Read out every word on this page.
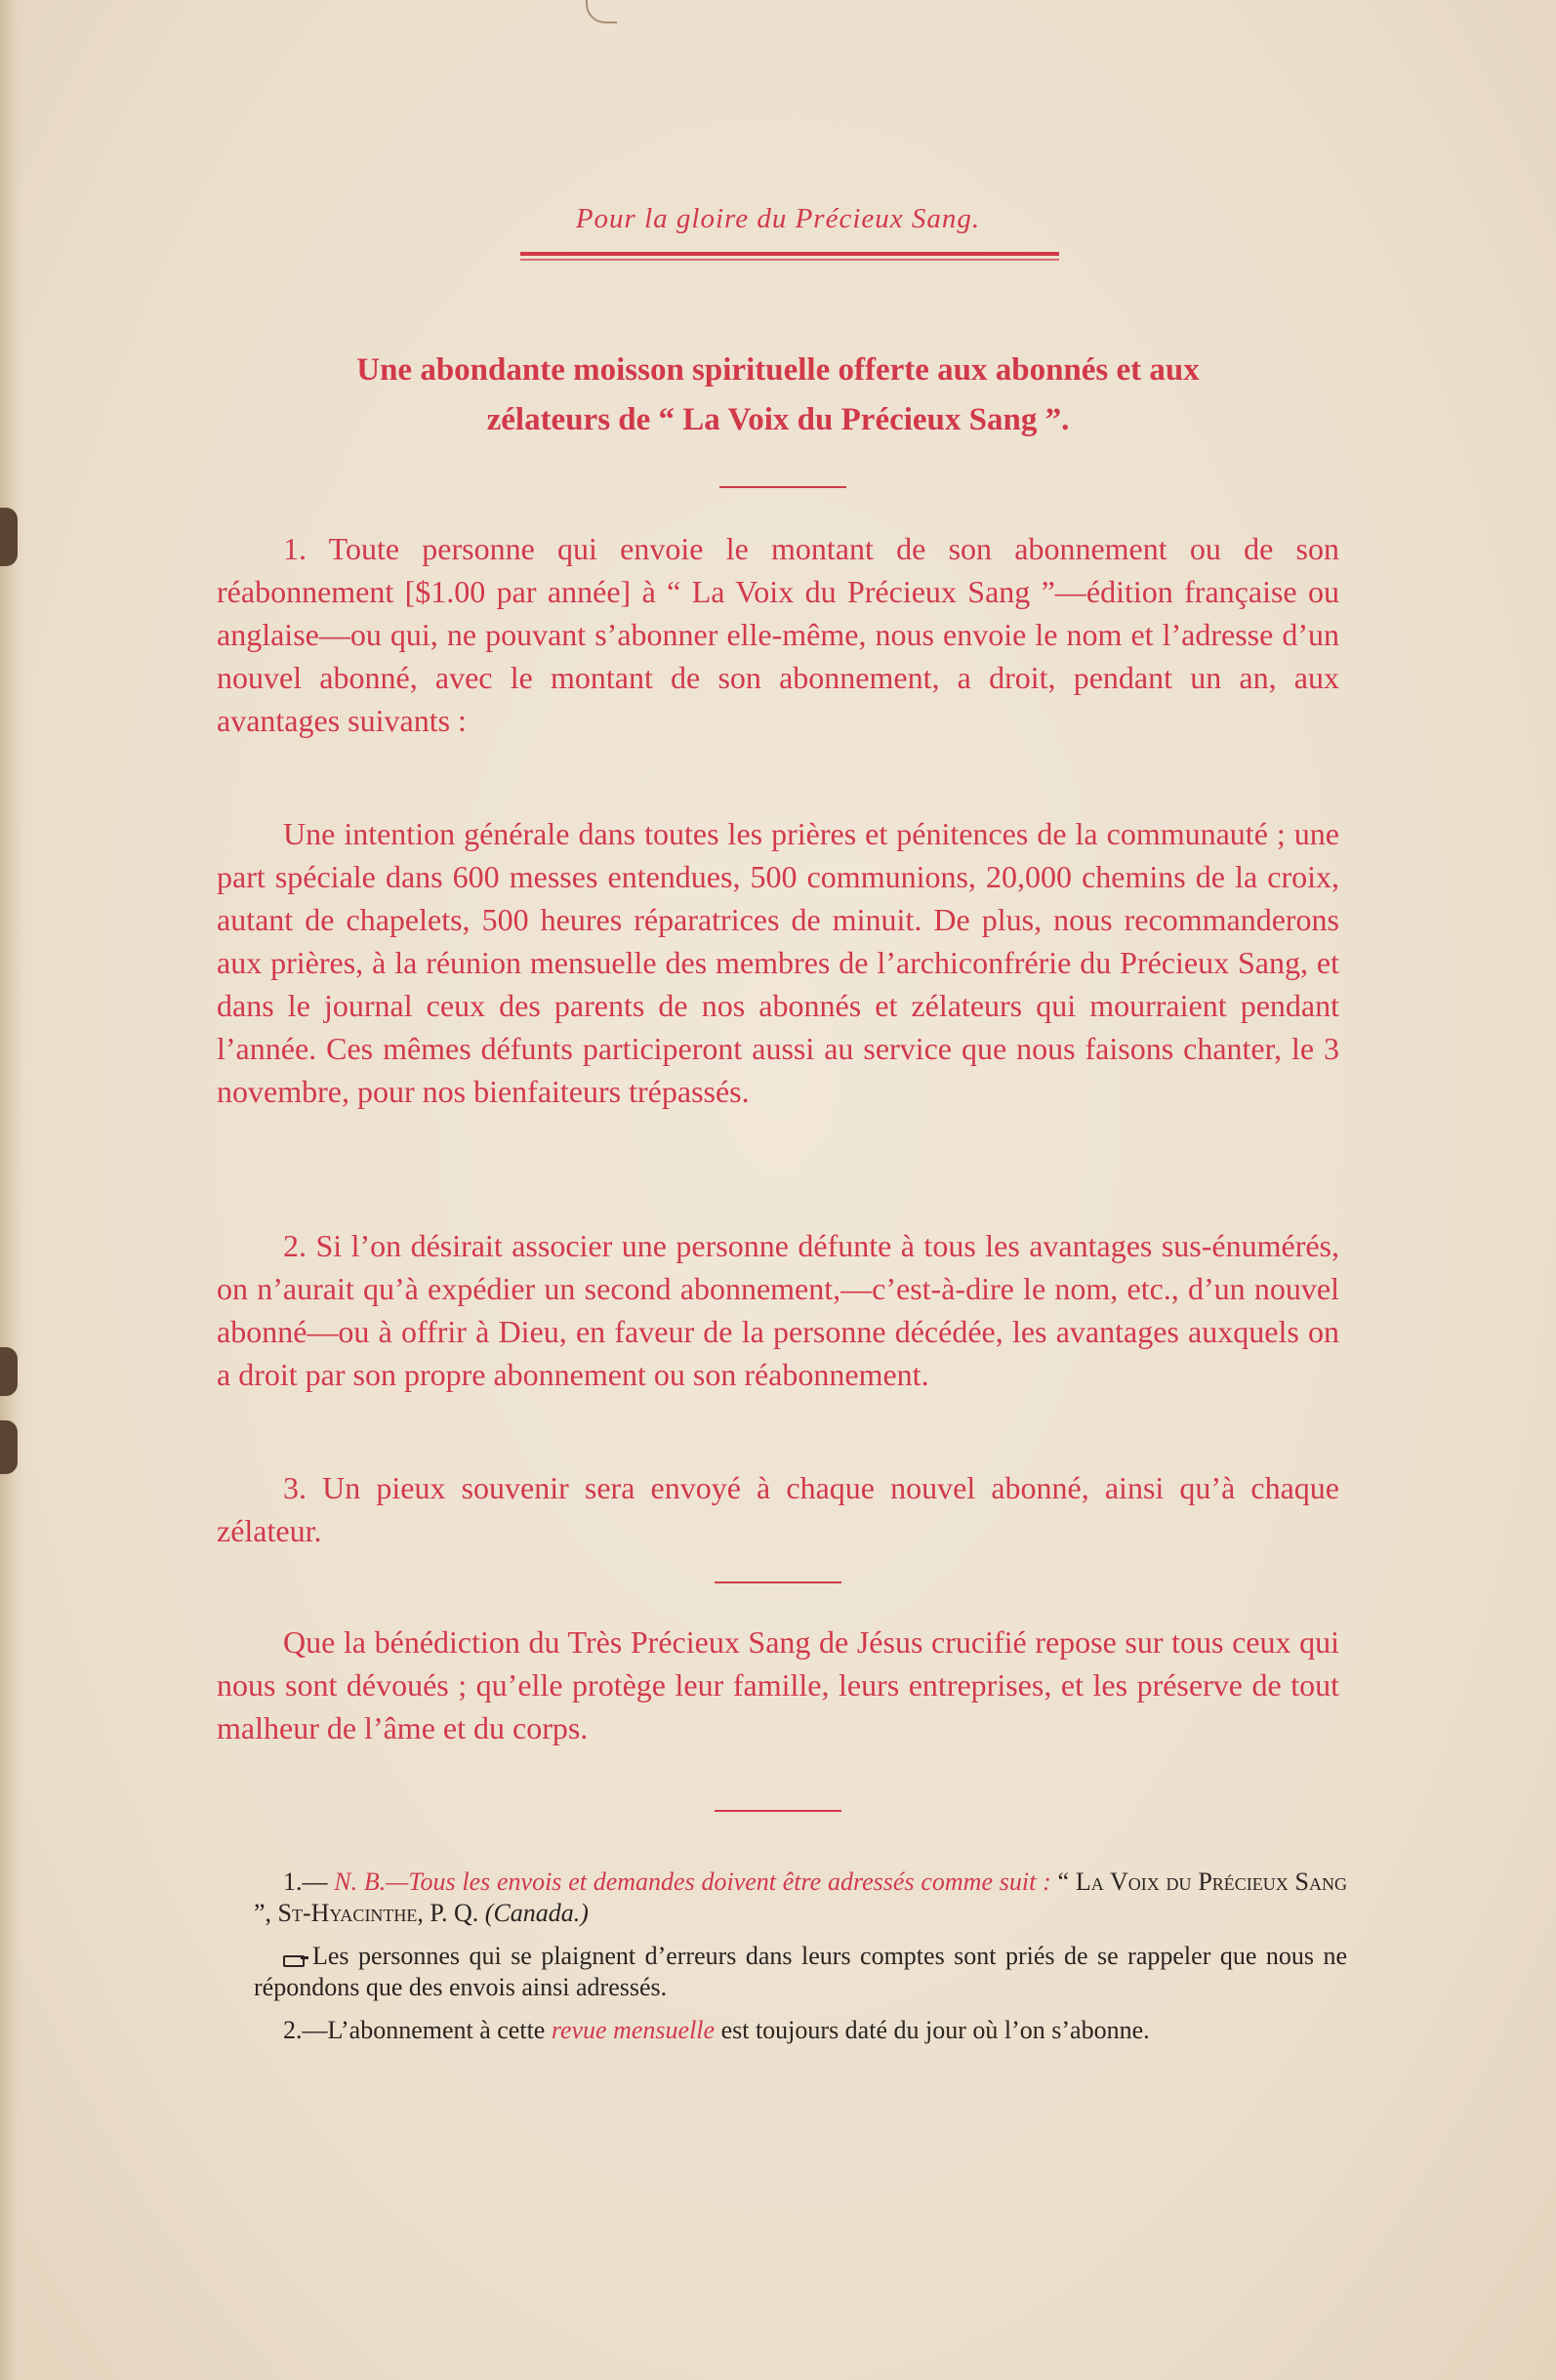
Pour la gloire du Précieux Sang.
Une abondante moisson spirituelle offerte aux abonnés et aux
zélateurs de “ La Voix du Précieux Sang ”.

1. Toute personne qui envoie le montant de son abonnement ou de son réabonnement [$1.00 par année] à “ La Voix du Précieux Sang ”—édition française ou anglaise—ou qui, ne pouvant s’abonner elle-même, nous envoie le nom et l’adresse d’un nouvel abonné, avec le montant de son abonnement, a droit, pendant un an, aux avantages suivants :

Une intention générale dans toutes les prières et pénitences de la communauté ; une part spéciale dans 600 messes entendues, 500 communions, 20,000 chemins de la croix, autant de chapelets, 500 heures réparatrices de minuit. De plus, nous recommanderons aux prières, à la réunion mensuelle des membres de l’archiconfrérie du Précieux Sang, et dans le journal ceux des parents de nos abonnés et zélateurs qui mourraient pendant l’année. Ces mêmes défunts participeront aussi au service que nous faisons chanter, le 3 novembre, pour nos bienfaiteurs trépassés.

2. Si l’on désirait associer une personne défunte à tous les avantages sus-énumérés, on n’aurait qu’à expédier un second abonnement,—c’est-à-dire le nom, etc., d’un nouvel abonné—ou à offrir à Dieu, en faveur de la personne décédée, les avantages auxquels on a droit par son propre abonnement ou son réabonnement.

3. Un pieux souvenir sera envoyé à chaque nouvel abonné, ainsi qu’à chaque zélateur.

Que la bénédiction du Très Précieux Sang de Jésus crucifié repose sur tous ceux qui nous sont dévoués ; qu’elle protège leur famille, leurs entreprises, et les préserve de tout malheur de l’âme et du corps.

1.— N. B.—Tous les envois et demandes doivent être adressés comme suit : “ La Voix du Précieux Sang ”, St-Hyacinthe, P. Q. (Canada.)

Les personnes qui se plaignent d’erreurs dans leurs comptes sont priés de se rappeler que nous ne répondons que des envois ainsi adressés.

2.—L’abonnement à cette revue mensuelle est toujours daté du jour où l’on s’abonne.
